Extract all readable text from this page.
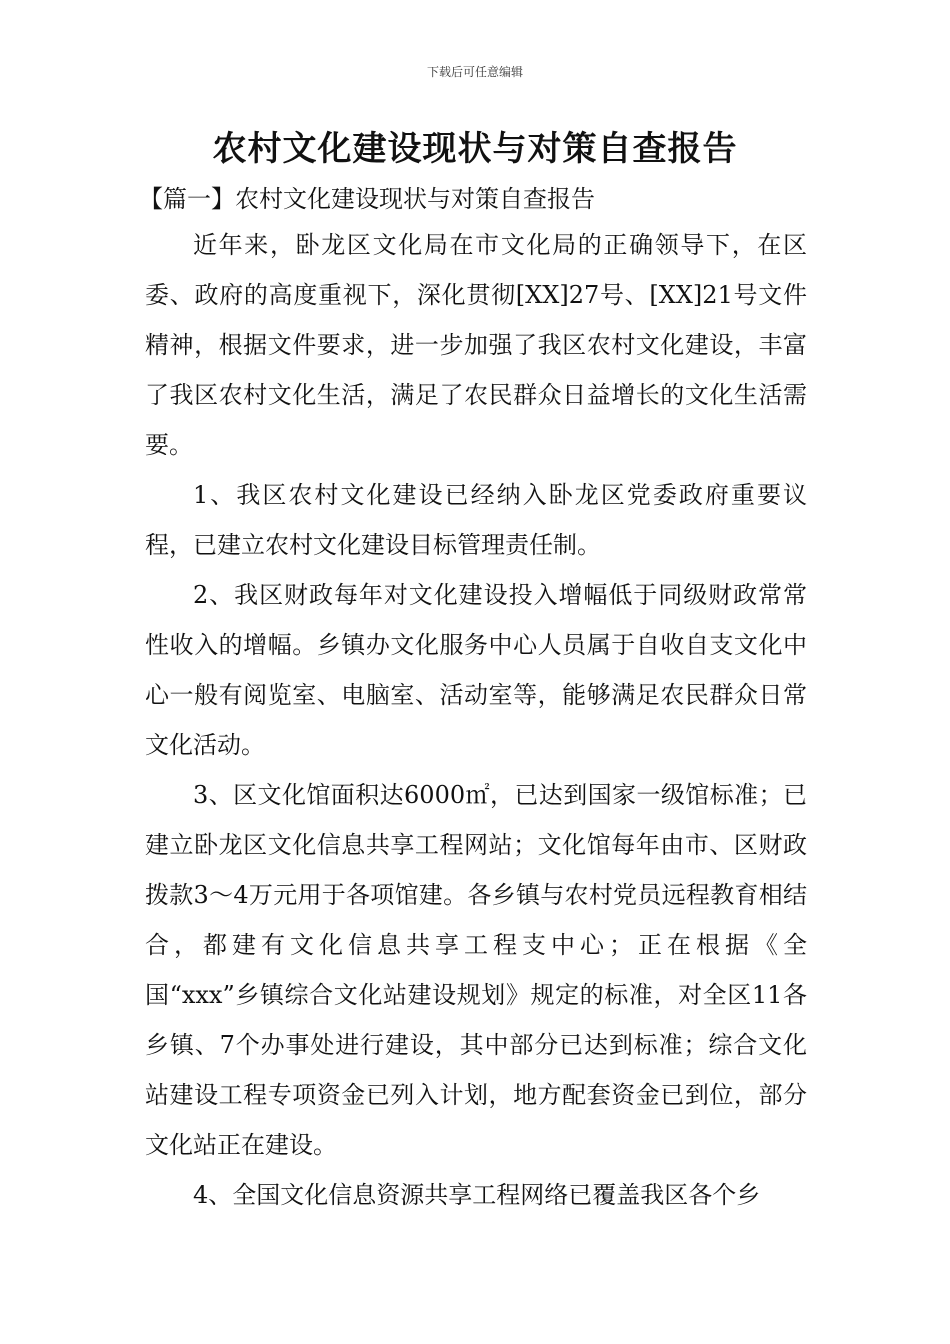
下载后可任意编辑
农村文化建设现状与对策自查报告

【篇一】农村文化建设现状与对策自查报告

近年来，卧龙区文化局在市文化局的正确领导下，在区委、政府的高度重视下，深化贯彻[XX]27号、[XX]21号文件精神，根据文件要求，进一步加强了我区农村文化建设，丰富了我区农村文化生活，满足了农民群众日益增长的文化生活需要。

1、我区农村文化建设已经纳入卧龙区党委政府重要议程，已建立农村文化建设目标管理责任制。

2、我区财政每年对文化建设投入增幅低于同级财政常常性收入的增幅。乡镇办文化服务中心人员属于自收自支文化中心一般有阅览室、电脑室、活动室等，能够满足农民群众日常文化活动。

3、区文化馆面积达6000㎡，已达到国家一级馆标准；已建立卧龙区文化信息共享工程网站；文化馆每年由市、区财政拨款3～4万元用于各项馆建。各乡镇与农村党员远程教育相结合，都建有文化信息共享工程支中心；正在根据《全国“xxx”乡镇综合文化站建设规划》规定的标准，对全区11各乡镇、7个办事处进行建设，其中部分已达到标准；综合文化站建设工程专项资金已列入计划，地方配套资金已到位，部分文化站正在建设。

4、全国文化信息资源共享工程网络已覆盖我区各个乡
